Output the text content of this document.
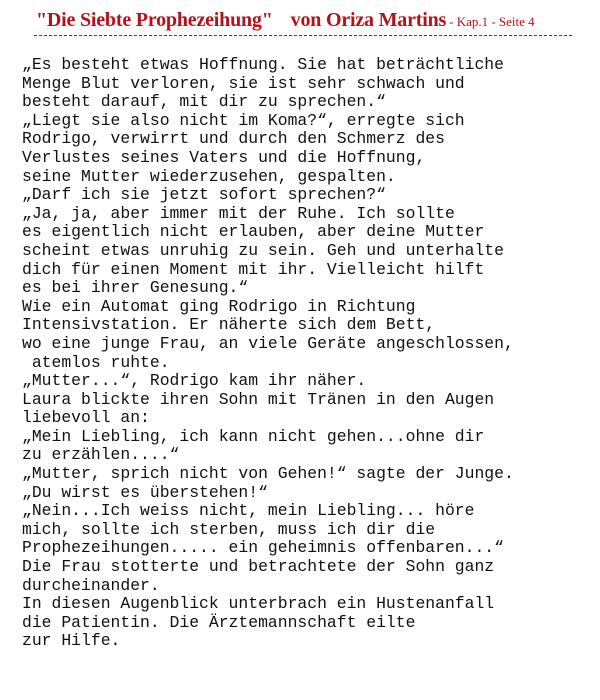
"Die Siebte Prophezeihung" von Oriza Martins - Kap.1 - Seite 4
„Es besteht etwas Hoffnung. Sie hat beträchtliche
Menge Blut verloren, sie ist sehr schwach und
besteht darauf, mit dir zu sprechen.“
„Liegt sie also nicht im Koma?“, erregte sich
Rodrigo, verwirrt und durch den Schmerz des
Verlustes seines Vaters und die Hoffnung,
seine Mutter wiederzusehen, gespalten.
„Darf ich sie jetzt sofort sprechen?“
„Ja, ja, aber immer mit der Ruhe. Ich sollte
es eigentlich nicht erlauben, aber deine Mutter
scheint etwas unruhig zu sein. Geh und unterhalte
dich für einen Moment mit ihr. Vielleicht hilft
es bei ihrer Genesung.“
Wie ein Automat ging Rodrigo in Richtung
Intensivstation. Er näherte sich dem Bett,
wo eine junge Frau, an viele Geräte angeschlossen,
atemlos ruhte.
„Mutter...“, Rodrigo kam ihr näher.
Laura blickte ihren Sohn mit Tränen in den Augen
liebevoll an:
„Mein Liebling, ich kann nicht gehen...ohne dir
zu erzählen....“
„Mutter, sprich nicht von Gehen!“ sagte der Junge.
„Du wirst es überstehen!“
„Nein...Ich weiss nicht, mein Liebling... höre
mich, sollte ich sterben, muss ich dir die
Prophezeihungen..... ein geheimnis offenbaren...“
Die Frau stotterte und betrachtete der Sohn ganz
durcheinander.
In diesen Augenblick unterbrach ein Hustenanfall
die Patientin. Die Ärztemannschaft eilte
zur Hilfe.
